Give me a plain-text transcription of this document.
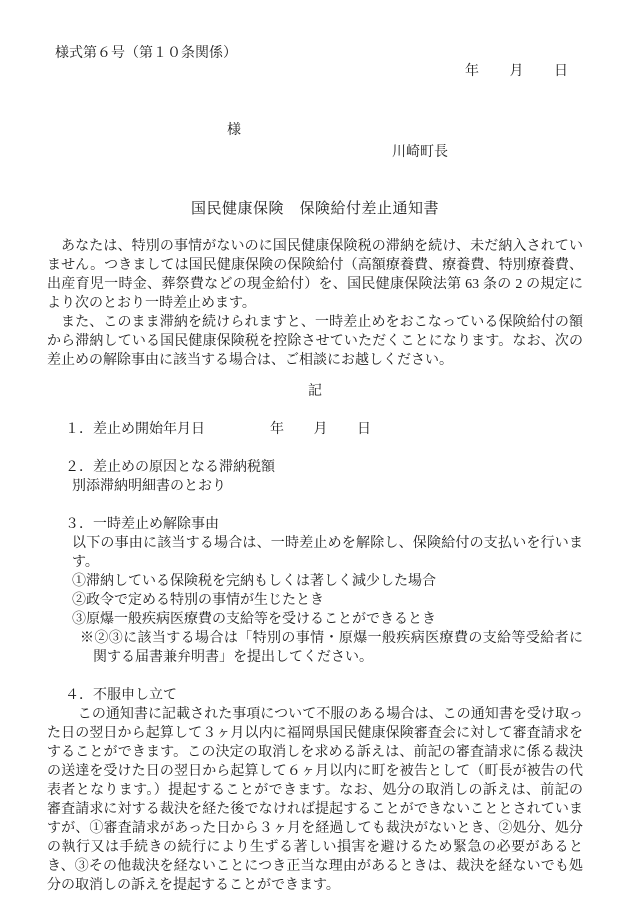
様式第６号（第１０条関係）
年 月 日
様
川崎町長
国民健康保険　保険給付差止通知書

あなたは、特別の事情がないのに国民健康保険税の滞納を続け、未だ納入されていません。つきましては国民健康保険の保険給付（高額療養費、療養費、特別療養費、出産育児一時金、葬祭費などの現金給付）を、国民健康保険法第 63 条の 2 の規定により次のとおり一時差止めます。

また、このまま滞納を続けられますと、一時差止めをおこなっている保険給付の額から滞納している国民健康保険税を控除させていただくことになります。なお、次の差止めの解除事由に該当する場合は、ご相談にお越しください。

記
１．差止め開始年月日	年 月 日
２．差止めの原因となる滞納税額
別添滞納明細書のとおり
３．一時差止め解除事由
以下の事由に該当する場合は、一時差止めを解除し、保険給付の支払いを行います。
①滞納している保険税を完納もしくは著しく減少した場合
②政令で定める特別の事情が生じたとき
③原爆一般疾病医療費の支給等を受けることができるとき
※②③に該当する場合は「特別の事情・原爆一般疾病医療費の支給等受給者に関する届書兼弁明書」を提出してください。
４．不服申し立て
この通知書に記載された事項について不服のある場合は、この通知書を受け取った日の翌日から起算して３ヶ月以内に福岡県国民健康保険審査会に対して審査請求をすることができます。この決定の取消しを求める訴えは、前記の審査請求に係る裁決の送達を受けた日の翌日から起算して６ヶ月以内に町を被告として（町長が被告の代表者となります。）提起することができます。なお、処分の取消しの訴えは、前記の審査請求に対する裁決を経た後でなければ提起することができないこととされていますが、①審査請求があった日から３ヶ月を経過しても裁決がないとき、②処分、処分の執行又は手続きの続行により生ずる著しい損害を避けるため緊急の必要があるとき、③その他裁決を経ないことにつき正当な理由があるときは、裁決を経ないでも処分の取消しの訴えを提起することができます。
